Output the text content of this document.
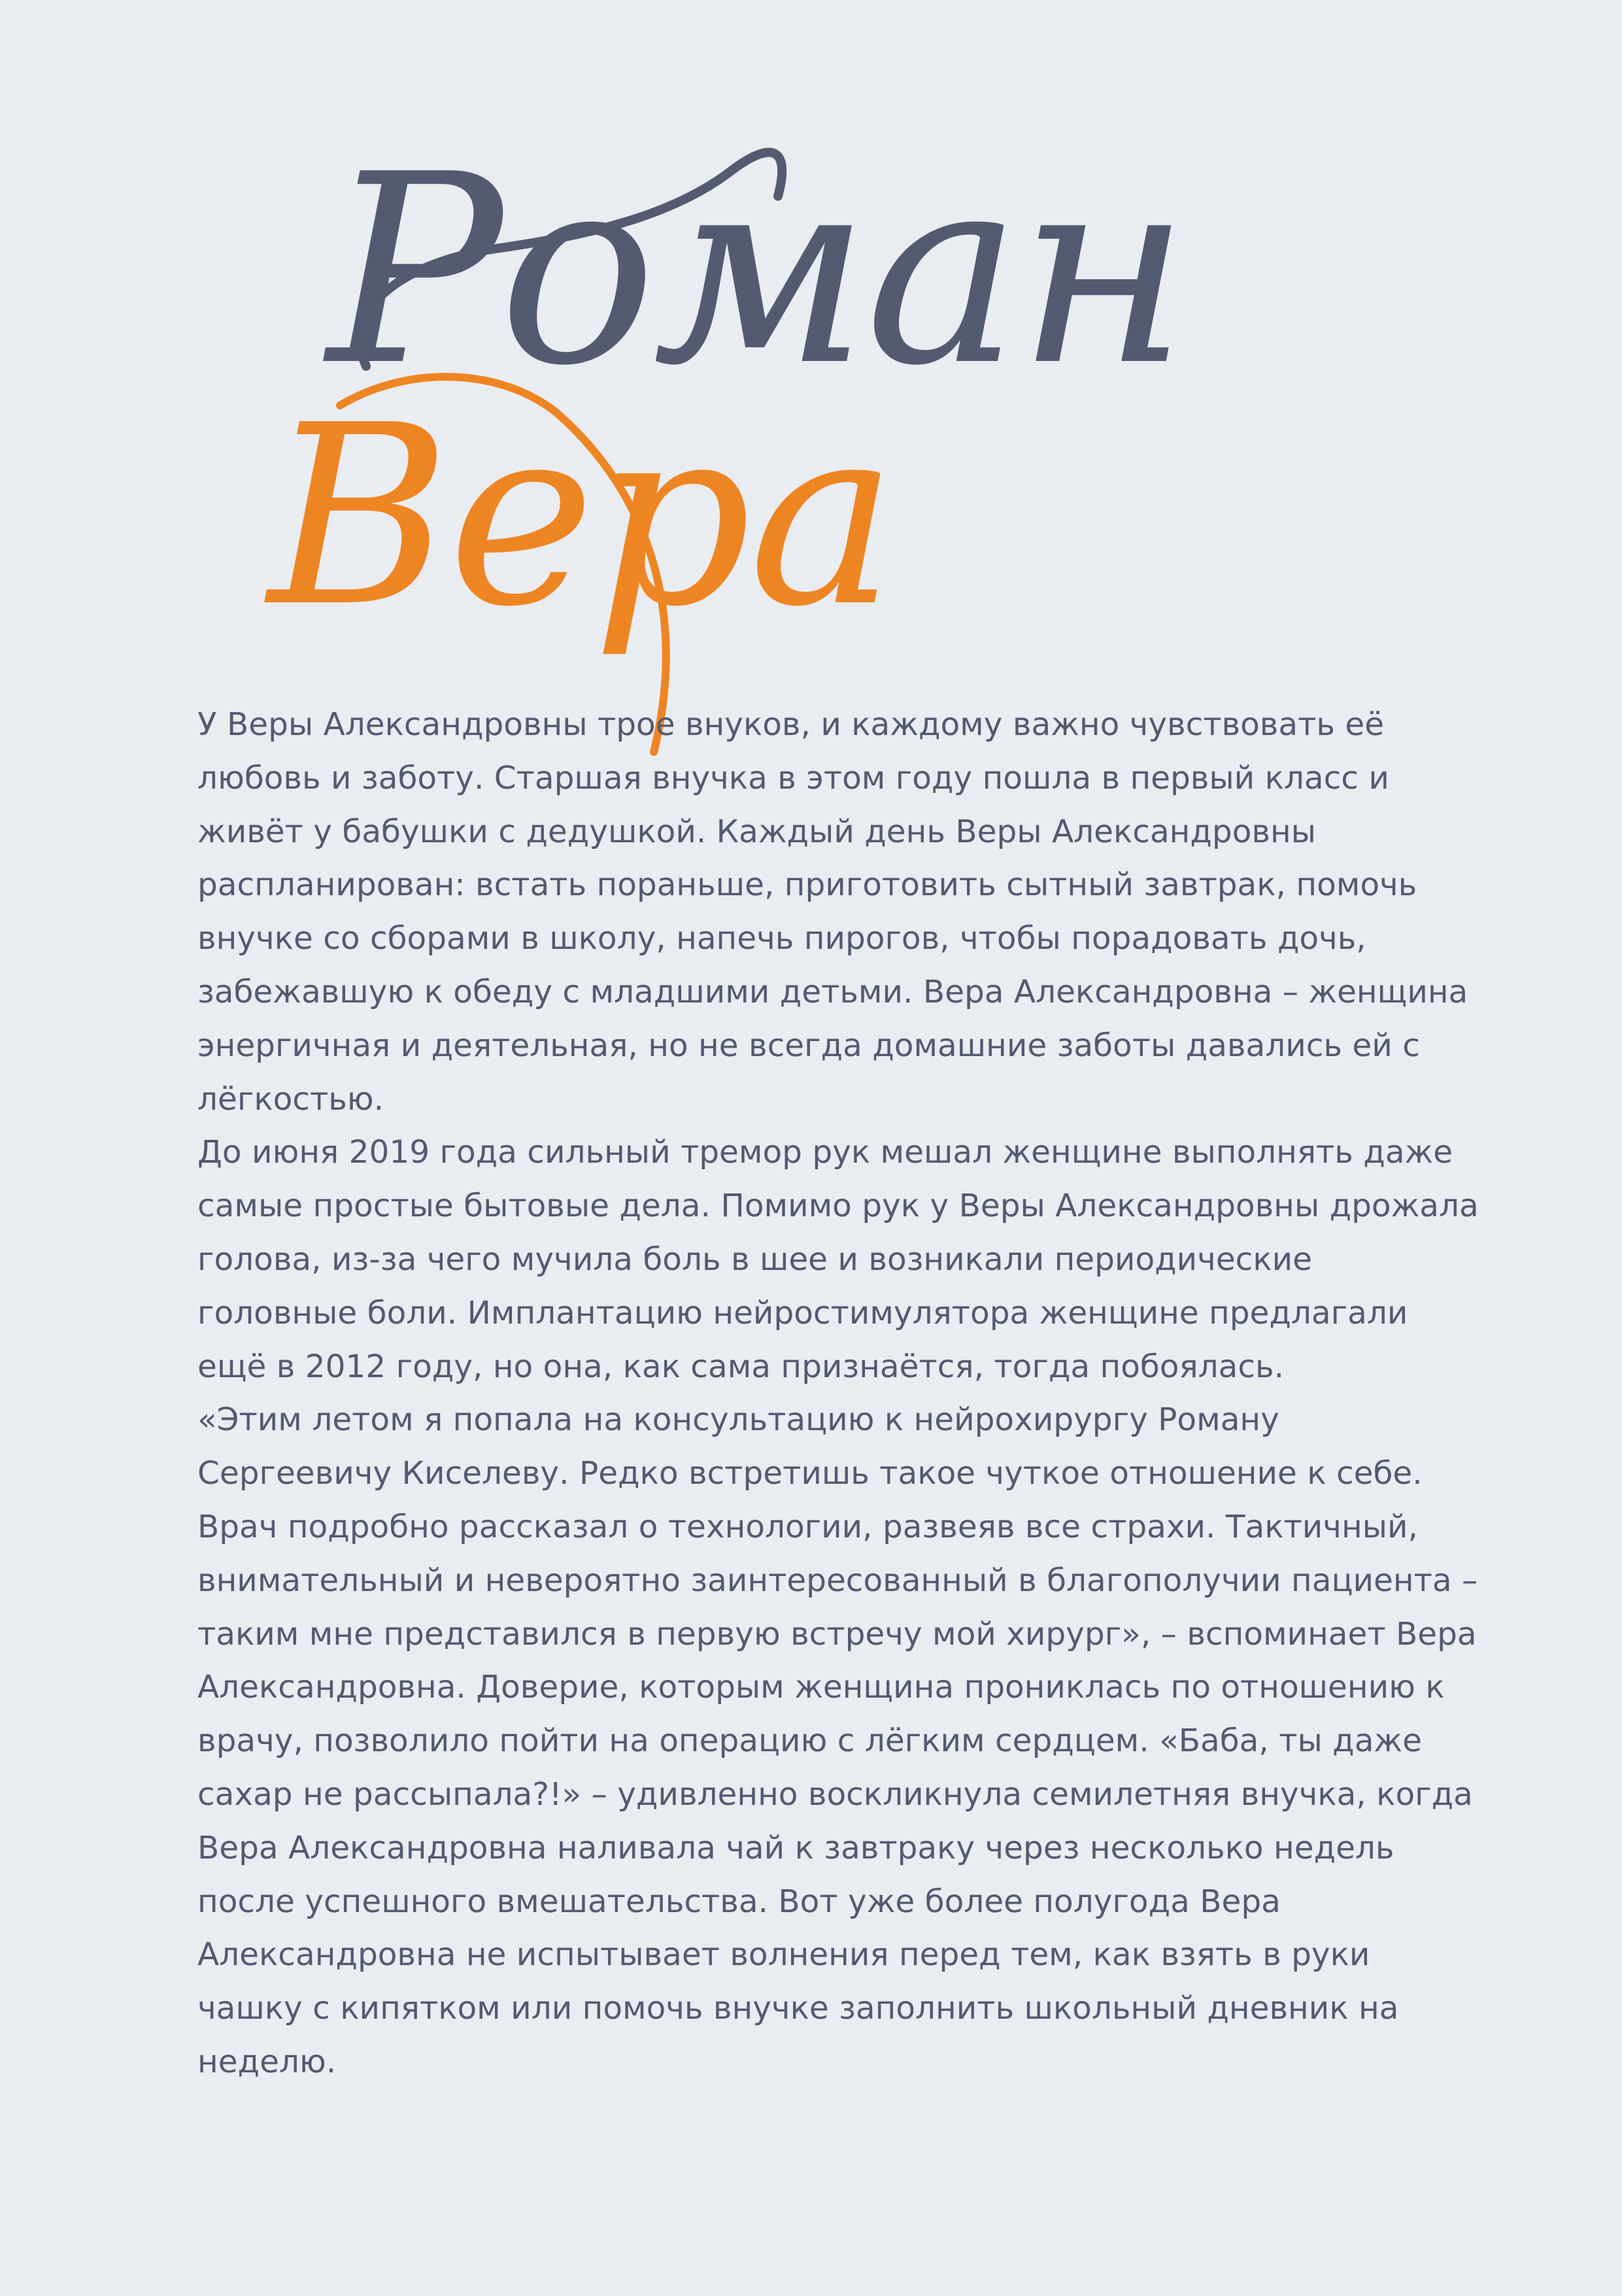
Роман
Вера

У Веры Александровны трое внуков, и каждому важно чувствовать её любовь и заботу. Старшая внучка в этом году пошла в первый класс и живёт у бабушки с дедушкой. Каждый день Веры Александровны распланирован: встать пораньше, приготовить сытный завтрак, помочь внучке со сборами в школу, напечь пирогов, чтобы порадовать дочь, забежавшую к обеду с младшими детьми. Вера Александровна – женщина энергичная и деятельная, но не всегда домашние заботы давались ей с лёгкостью.

До июня 2019 года сильный тремор рук мешал женщине выполнять даже самые простые бытовые дела. Помимо рук у Веры Александровны дрожала голова, из-за чего мучила боль в шее и возникали периодические головные боли. Имплантацию нейростимулятора женщине предлагали ещё в 2012 году, но она, как сама признаётся, тогда побоялась.

«Этим летом я попала на консультацию к нейрохирургу Роману Сергеевичу Киселеву. Редко встретишь такое чуткое отношение к себе. Врач подробно рассказал о технологии, развеяв все страхи. Тактичный, внимательный и невероятно заинтересованный в благополучии пациента – таким мне представился в первую встречу мой хирург», – вспоминает Вера Александровна. Доверие, которым женщина прониклась по отношению к врачу, позволило пойти на операцию с лёгким сердцем. «Баба, ты даже сахар не рассыпала?!» – удивленно воскликнула семилетняя внучка, когда Вера Александровна наливала чай к завтраку через несколько недель после успешного вмешательства. Вот уже более полугода Вера Александровна не испытывает волнения перед тем, как взять в руки чашку с кипятком или помочь внучке заполнить школьный дневник на неделю.
